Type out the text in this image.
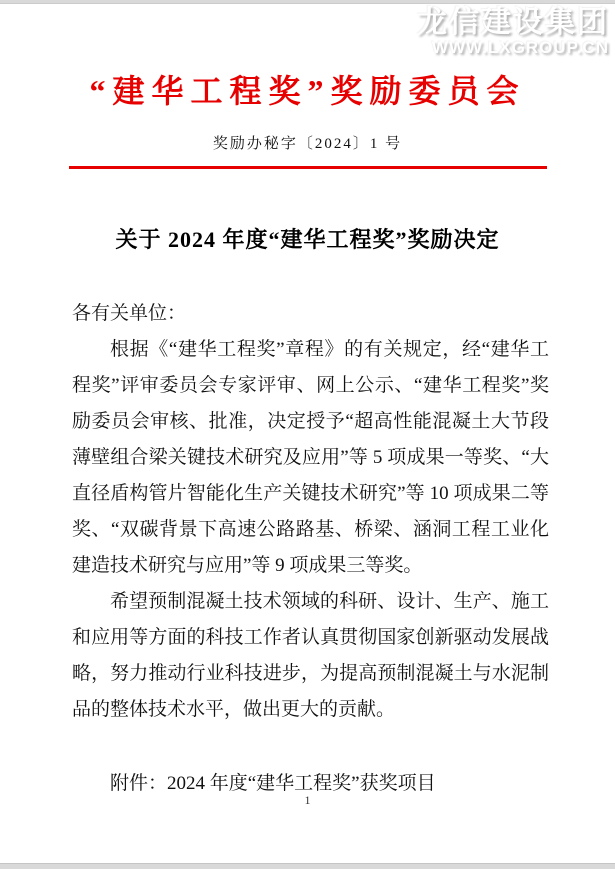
龙信建设集团
WWW.LXGROUP.CN
“建华工程奖”奖励委员会
奖励办秘字〔2024〕1 号
关于 2024 年度“建华工程奖”奖励决定

各有关单位：

根据《“建华工程奖”章程》的有关规定，经“建华工程奖”评审委员会专家评审、网上公示、“建华工程奖”奖励委员会审核、批准，决定授予“超高性能混凝土大节段薄壁组合梁关键技术研究及应用”等 5 项成果一等奖、“大直径盾构管片智能化生产关键技术研究”等 10 项成果二等奖、“双碳背景下高速公路路基、桥梁、涵洞工程工业化建造技术研究与应用”等 9 项成果三等奖。

希望预制混凝土技术领域的科研、设计、生产、施工和应用等方面的科技工作者认真贯彻国家创新驱动发展战略，努力推动行业科技进步，为提高预制混凝土与水泥制品的整体技术水平，做出更大的贡献。

附件：2024 年度“建华工程奖”获奖项目

1
